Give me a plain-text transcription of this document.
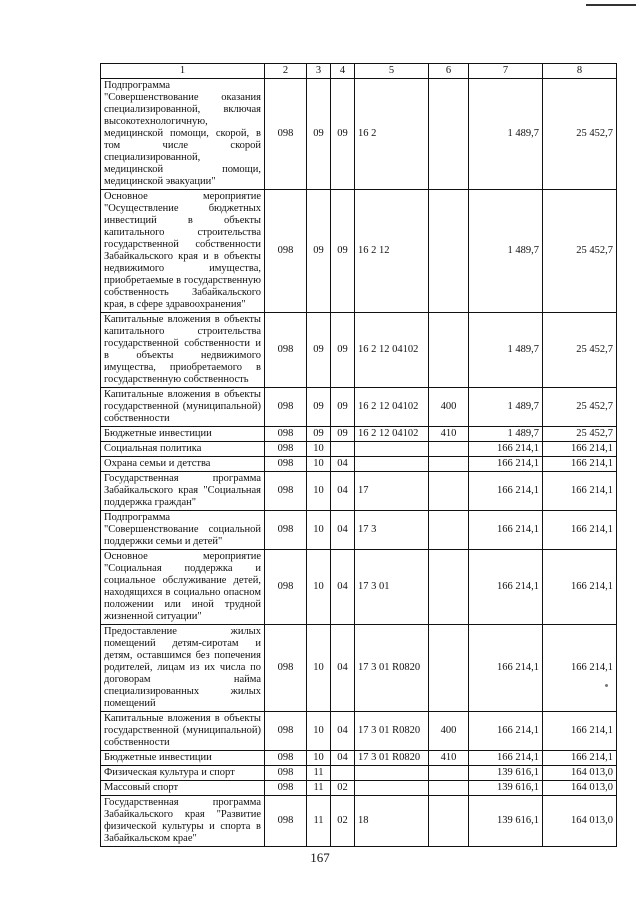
1	2	3	4	5	6	7	8
Подпрограмма "Совершенствование оказания специализированной, включая высокотехнологичную, медицинской помощи, скорой, в том числе скорой специализированной, медицинской помощи, медицинской эвакуации"	098	09	09	16 2		1 489,7	25 452,7
Основное мероприятие "Осуществление бюджетных инвестиций в объекты капитального строительства государственной собственности Забайкальского края и в объекты недвижимого имущества, приобретаемые в государственную собственность Забайкальского края, в сфере здравоохранения"	098	09	09	16 2 12		1 489,7	25 452,7
Капитальные вложения в объекты капитального строительства государственной собственности и в объекты недвижимого имущества, приобретаемого в государственную собственность	098	09	09	16 2 12 04102		1 489,7	25 452,7
Капитальные вложения в объекты государственной (муниципальной) собственности	098	09	09	16 2 12 04102	400	1 489,7	25 452,7
Бюджетные инвестиции	098	09	09	16 2 12 04102	410	1 489,7	25 452,7
Социальная политика	098	10				166 214,1	166 214,1
Охрана семьи и детства	098	10	04			166 214,1	166 214,1
Государственная программа Забайкальского края "Социальная поддержка граждан"	098	10	04	17		166 214,1	166 214,1
Подпрограмма "Совершенствование социальной поддержки семьи и детей"	098	10	04	17 3		166 214,1	166 214,1
Основное мероприятие "Социальная поддержка и социальное обслуживание детей, находящихся в социально опасном положении или иной трудной жизненной ситуации"	098	10	04	17 3 01		166 214,1	166 214,1
Предоставление жилых помещений детям-сиротам и детям, оставшимся без попечения родителей, лицам из их числа по договорам найма специализированных жилых помещений	098	10	04	17 3 01 R0820		166 214,1	166 214,1
Капитальные вложения в объекты государственной (муниципальной) собственности	098	10	04	17 3 01 R0820	400	166 214,1	166 214,1
Бюджетные инвестиции	098	10	04	17 3 01 R0820	410	166 214,1	166 214,1
Физическая культура и спорт	098	11				139 616,1	164 013,0
Массовый спорт	098	11	02			139 616,1	164 013,0
Государственная программа Забайкальского края "Развитие физической культуры и спорта в Забайкальском крае"	098	11	02	18		139 616,1	164 013,0
167
